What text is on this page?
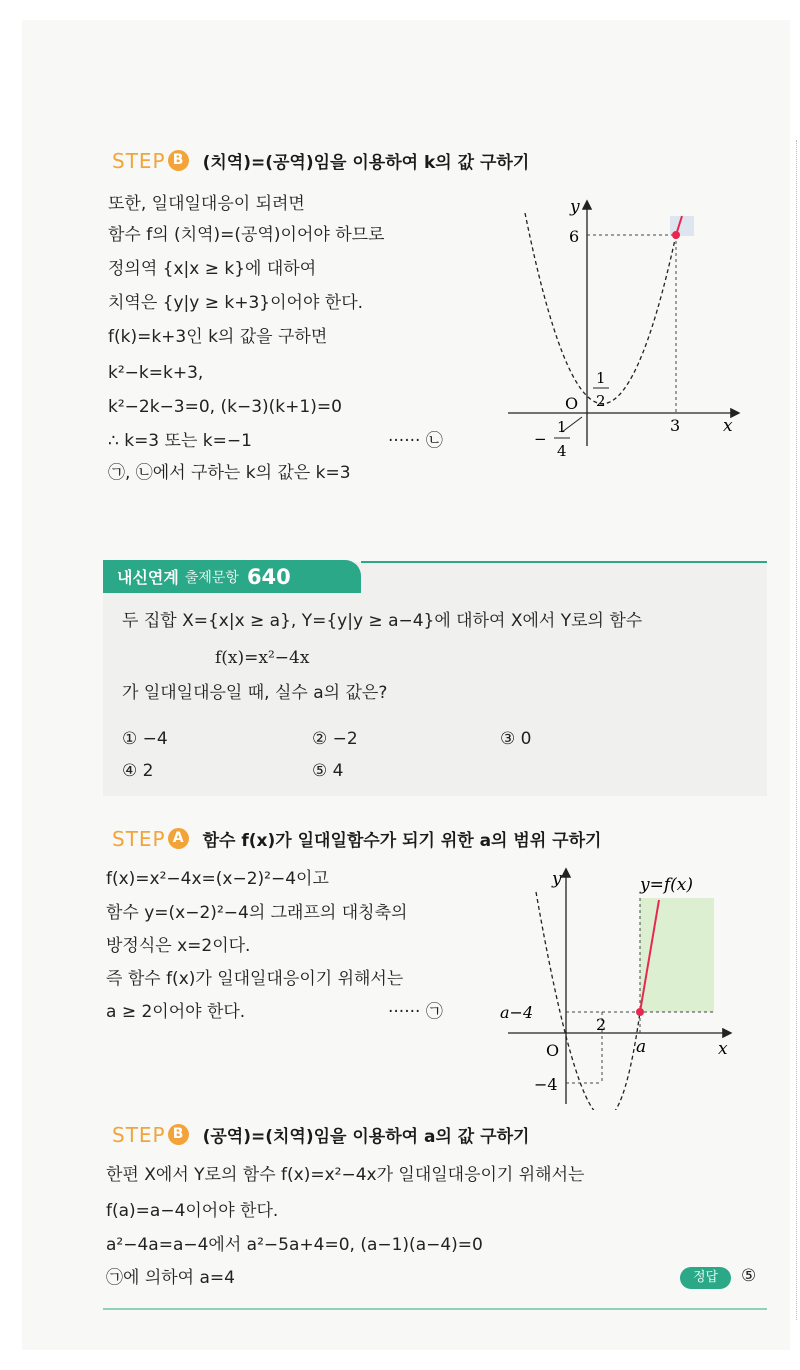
STEP B	(치역)=(공역)임을 이용하여 k의 값 구하기
또한, 일대일대응이 되려면
함수 f의 (치역)=(공역)이어야 하므로
정의역 {x|x ≥ k}에 대하여
치역은 {y|y ≥ k+3}이어야 한다.
f(k)=k+3인 k의 값을 구하면
k²−k=k+3,
k²−2k−3=0, (k−3)(k+1)=0
∴ k=3 또는 k=−1	······ ㉡
㉠, ㉡에서 구하는 k의 값은 k=3
y
x
O
6
3
1
2
−
1
4
내신연계 출제문항 640
두 집합 X={x|x ≥ a}, Y={y|y ≥ a−4}에 대하여 X에서 Y로의 함수
f(x)=x²−4x
가 일대일대응일 때, 실수 a의 값은?
① −4	② −2	③ 0
④ 2	⑤ 4
STEP A 함수 f(x)가 일대일함수가 되기 위한 a의 범위 구하기
f(x)=x²−4x=(x−2)²−4이고
함수 y=(x−2)²−4의 그래프의 대칭축의
방정식은 x=2이다.
즉 함수 f(x)가 일대일대응이기 위해서는
a ≥ 2이어야 한다.	······ ㉠
y
x
O
y=f(x)
a−4
2
a
−4
STEP B	(공역)=(치역)임을 이용하여 a의 값 구하기
한편 X에서 Y로의 함수 f(x)=x²−4x가 일대일대응이기 위해서는
f(a)=a−4이어야 한다.
a²−4a=a−4에서 a²−5a+4=0, (a−1)(a−4)=0
㉠에 의하여 a=4	정답	⑤
